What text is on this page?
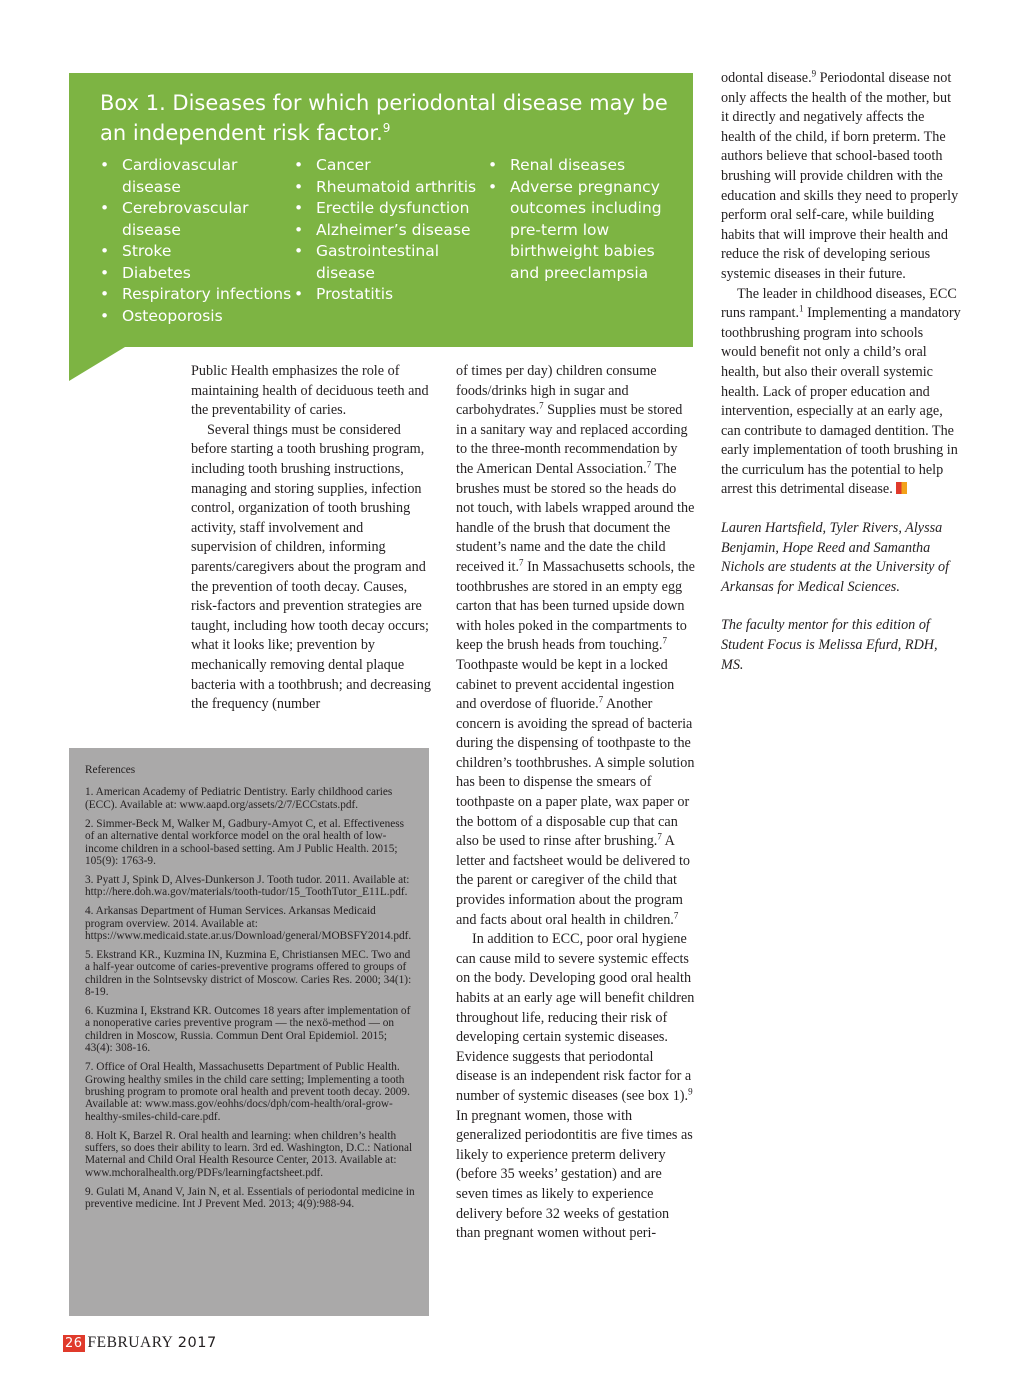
Box 1. Diseases for which periodontal disease may be an independent risk factor.$^9$
• Cardiovascular disease
• Cerebrovascular disease
• Stroke
• Diabetes
• Respiratory infections
• Osteoporosis
• Cancer
• Rheumatoid arthritis
• Erectile dysfunction
• Alzheimer’s disease
• Gastrointestinal disease
• Prostatitis
• Renal diseases
• Adverse pregnancy outcomes including pre-term low birthweight babies and preeclampsia

Public Health emphasizes the role of maintaining health of deciduous teeth and the preventability of caries.

Several things must be considered before starting a tooth brushing program, including tooth brushing instructions, managing and storing supplies, infection control, organization of tooth brushing activity, staff involvement and supervision of children, informing parents/caregivers about the program and the prevention of tooth decay. Causes, risk-factors and prevention strategies are taught, including how tooth decay occurs; what it looks like; prevention by mechanically removing dental plaque bacteria with a toothbrush; and decreasing the frequency (number

of times per day) children consume foods/drinks high in sugar and carbohydrates.$^7$ Supplies must be stored in a sanitary way and replaced according to the three-month recommendation by the American Dental Association.$^7$ The brushes must be stored so the heads do not touch, with labels wrapped around the handle of the brush that document the student’s name and the date the child received it.$^7$ In Massachusetts schools, the toothbrushes are stored in an empty egg carton that has been turned upside down with holes poked in the compartments to keep the brush heads from touching.$^7$ Toothpaste would be kept in a locked cabinet to prevent accidental ingestion and overdose of fluoride.$^7$ Another concern is avoiding the spread of bacteria during the dispensing of toothpaste to the children’s toothbrushes. A simple solution has been to dispense the smears of toothpaste on a paper plate, wax paper or the bottom of a disposable cup that can also be used to rinse after brushing.$^7$ A letter and factsheet would be delivered to the parent or caregiver of the child that provides information about the program and facts about oral health in children.$^7$

In addition to ECC, poor oral hygiene can cause mild to severe systemic effects on the body. Developing good oral health habits at an early age will benefit children throughout life, reducing their risk of developing certain systemic diseases. Evidence suggests that periodontal disease is an independent risk factor for a number of systemic diseases (see box 1).$^9$ In pregnant women, those with generalized periodontitis are five times as likely to experience preterm delivery (before 35 weeks’ gestation) and are seven times as likely to experience delivery before 32 weeks of gestation than pregnant women without peri-

odontal disease.$^9$ Periodontal disease not only affects the health of the mother, but it directly and negatively affects the health of the child, if born preterm. The authors believe that school-based tooth brushing will provide children with the education and skills they need to properly perform oral self-care, while building habits that will improve their health and reduce the risk of developing serious systemic diseases in their future.

The leader in childhood diseases, ECC runs rampant.$^1$ Implementing a mandatory toothbrushing program into schools would benefit not only a child’s oral health, but also their overall systemic health. Lack of proper education and intervention, especially at an early age, can contribute to damaged dentition. The early implementation of tooth brushing in the curriculum has the potential to help arrest this detrimental disease.

Lauren Hartsfield, Tyler Rivers, Alyssa Benjamin, Hope Reed and Samantha Nichols are students at the University of Arkansas for Medical Sciences.

The faculty mentor for this edition of Student Focus is Melissa Efurd, RDH, MS.

References

1. American Academy of Pediatric Dentistry. Early childhood caries (ECC). Available at: www.aapd.org/assets/2/7/ECCstats.pdf.

2. Simmer-Beck M, Walker M, Gadbury-Amyot C, et al. Effectiveness of an alternative dental workforce model on the oral health of low-income children in a school-based setting. Am J Public Health. 2015; 105(9): 1763-9.

3. Pyatt J, Spink D, Alves-Dunkerson J. Tooth tudor. 2011. Available at: http://here.doh.wa.gov/materials/tooth-tudor/15_ToothTutor_E11L.pdf.

4. Arkansas Department of Human Services. Arkansas Medicaid program overview. 2014. Available at: https://www.medicaid.state.ar.us/Download/general/MOBSFY2014.pdf.

5. Ekstrand KR., Kuzmina IN, Kuzmina E, Christiansen MEC. Two and a half-year outcome of caries-preventive programs offered to groups of children in the Solntsevsky district of Moscow. Caries Res. 2000; 34(1): 8-19.

6. Kuzmina I, Ekstrand KR. Outcomes 18 years after implementation of a nonoperative caries preventive program — the nexö-method — on children in Moscow, Russia. Commun Dent Oral Epidemiol. 2015; 43(4): 308-16.

7. Office of Oral Health, Massachusetts Department of Public Health. Growing healthy smiles in the child care setting; Implementing a tooth brushing program to promote oral health and prevent tooth decay. 2009. Available at: www.mass.gov/eohhs/docs/dph/com-health/oral-grow-healthy-smiles-child-care.pdf.

8. Holt K, Barzel R. Oral health and learning: when children’s health suffers, so does their ability to learn. 3rd ed. Washington, D.C.: National Maternal and Child Oral Health Resource Center, 2013. Available at: www.mchoralhealth.org/PDFs/learningfactsheet.pdf.

9. Gulati M, Anand V, Jain N, et al. Essentials of periodontal medicine in preventive medicine. Int J Prevent Med. 2013; 4(9):988-94.

26 FEBRUARY 2017
